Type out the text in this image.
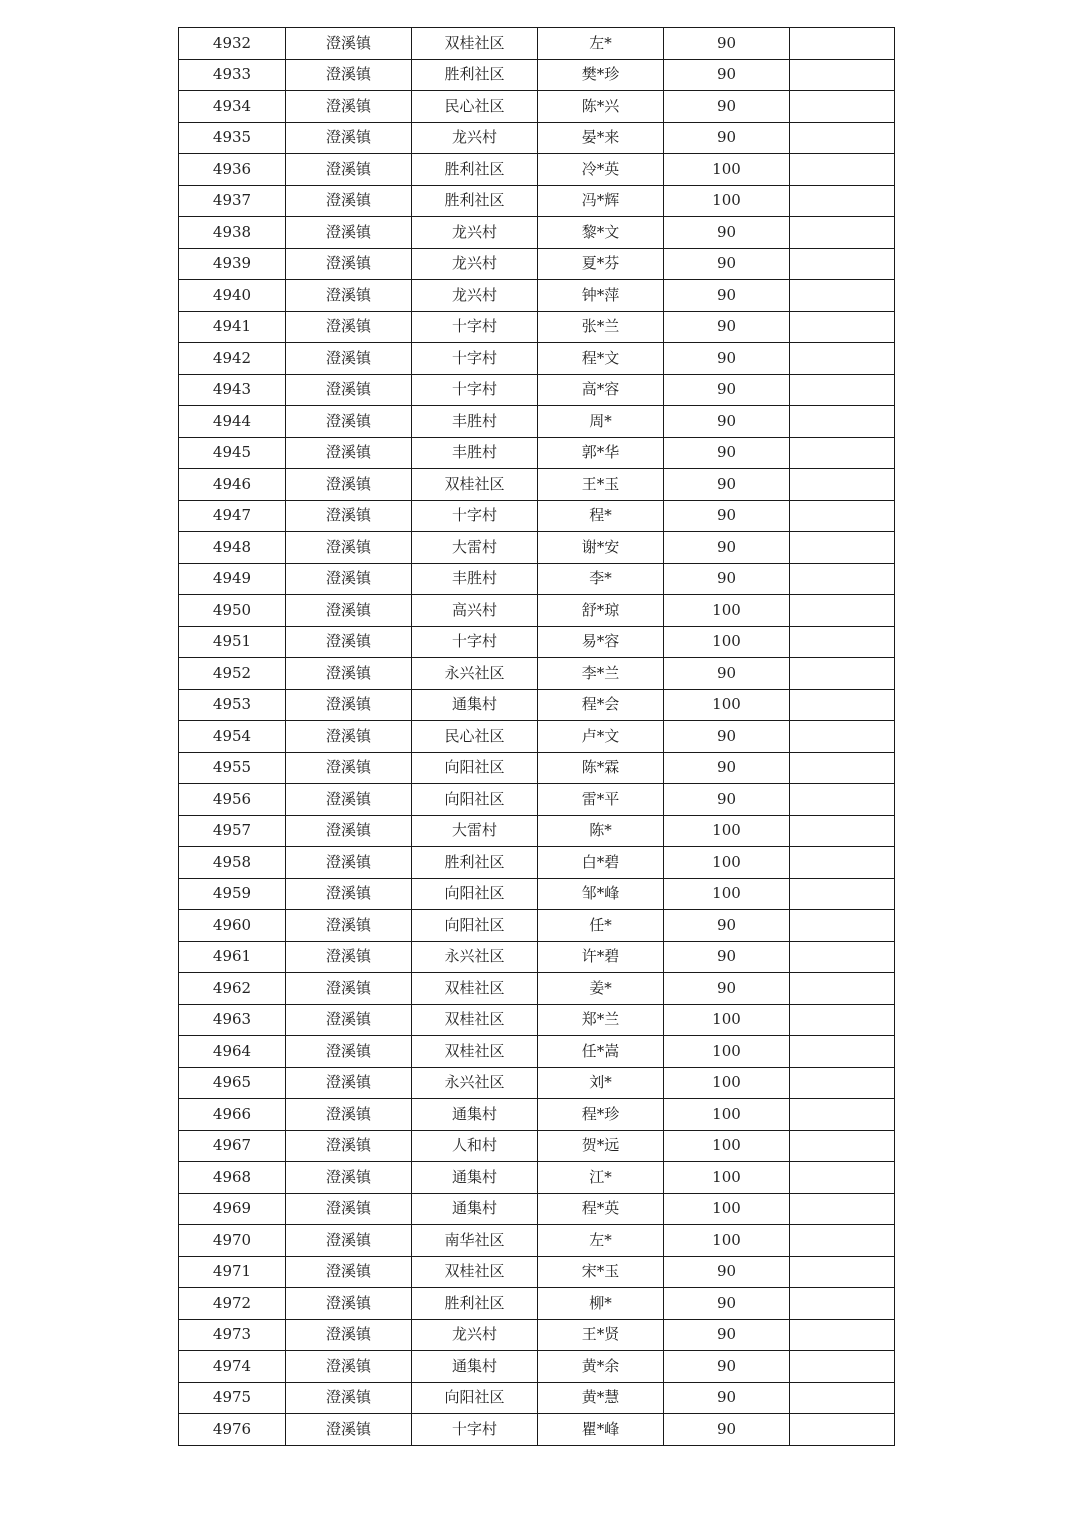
4932	澄溪镇	双桂社区	左*	90	
4933	澄溪镇	胜利社区	樊*珍	90	
4934	澄溪镇	民心社区	陈*兴	90	
4935	澄溪镇	龙兴村	晏*来	90	
4936	澄溪镇	胜利社区	冷*英	100	
4937	澄溪镇	胜利社区	冯*辉	100	
4938	澄溪镇	龙兴村	黎*文	90	
4939	澄溪镇	龙兴村	夏*芬	90	
4940	澄溪镇	龙兴村	钟*萍	90	
4941	澄溪镇	十字村	张*兰	90	
4942	澄溪镇	十字村	程*文	90	
4943	澄溪镇	十字村	高*容	90	
4944	澄溪镇	丰胜村	周*	90	
4945	澄溪镇	丰胜村	郭*华	90	
4946	澄溪镇	双桂社区	王*玉	90	
4947	澄溪镇	十字村	程*	90	
4948	澄溪镇	大雷村	谢*安	90	
4949	澄溪镇	丰胜村	李*	90	
4950	澄溪镇	高兴村	舒*琼	100	
4951	澄溪镇	十字村	易*容	100	
4952	澄溪镇	永兴社区	李*兰	90	
4953	澄溪镇	通集村	程*会	100	
4954	澄溪镇	民心社区	卢*文	90	
4955	澄溪镇	向阳社区	陈*霖	90	
4956	澄溪镇	向阳社区	雷*平	90	
4957	澄溪镇	大雷村	陈*	100	
4958	澄溪镇	胜利社区	白*碧	100	
4959	澄溪镇	向阳社区	邹*峰	100	
4960	澄溪镇	向阳社区	任*	90	
4961	澄溪镇	永兴社区	许*碧	90	
4962	澄溪镇	双桂社区	姜*	90	
4963	澄溪镇	双桂社区	郑*兰	100	
4964	澄溪镇	双桂社区	任*嵩	100	
4965	澄溪镇	永兴社区	刘*	100	
4966	澄溪镇	通集村	程*珍	100	
4967	澄溪镇	人和村	贺*远	100	
4968	澄溪镇	通集村	江*	100	
4969	澄溪镇	通集村	程*英	100	
4970	澄溪镇	南华社区	左*	100	
4971	澄溪镇	双桂社区	宋*玉	90	
4972	澄溪镇	胜利社区	柳*	90	
4973	澄溪镇	龙兴村	王*贤	90	
4974	澄溪镇	通集村	黄*余	90	
4975	澄溪镇	向阳社区	黄*慧	90	
4976	澄溪镇	十字村	瞿*峰	90	
